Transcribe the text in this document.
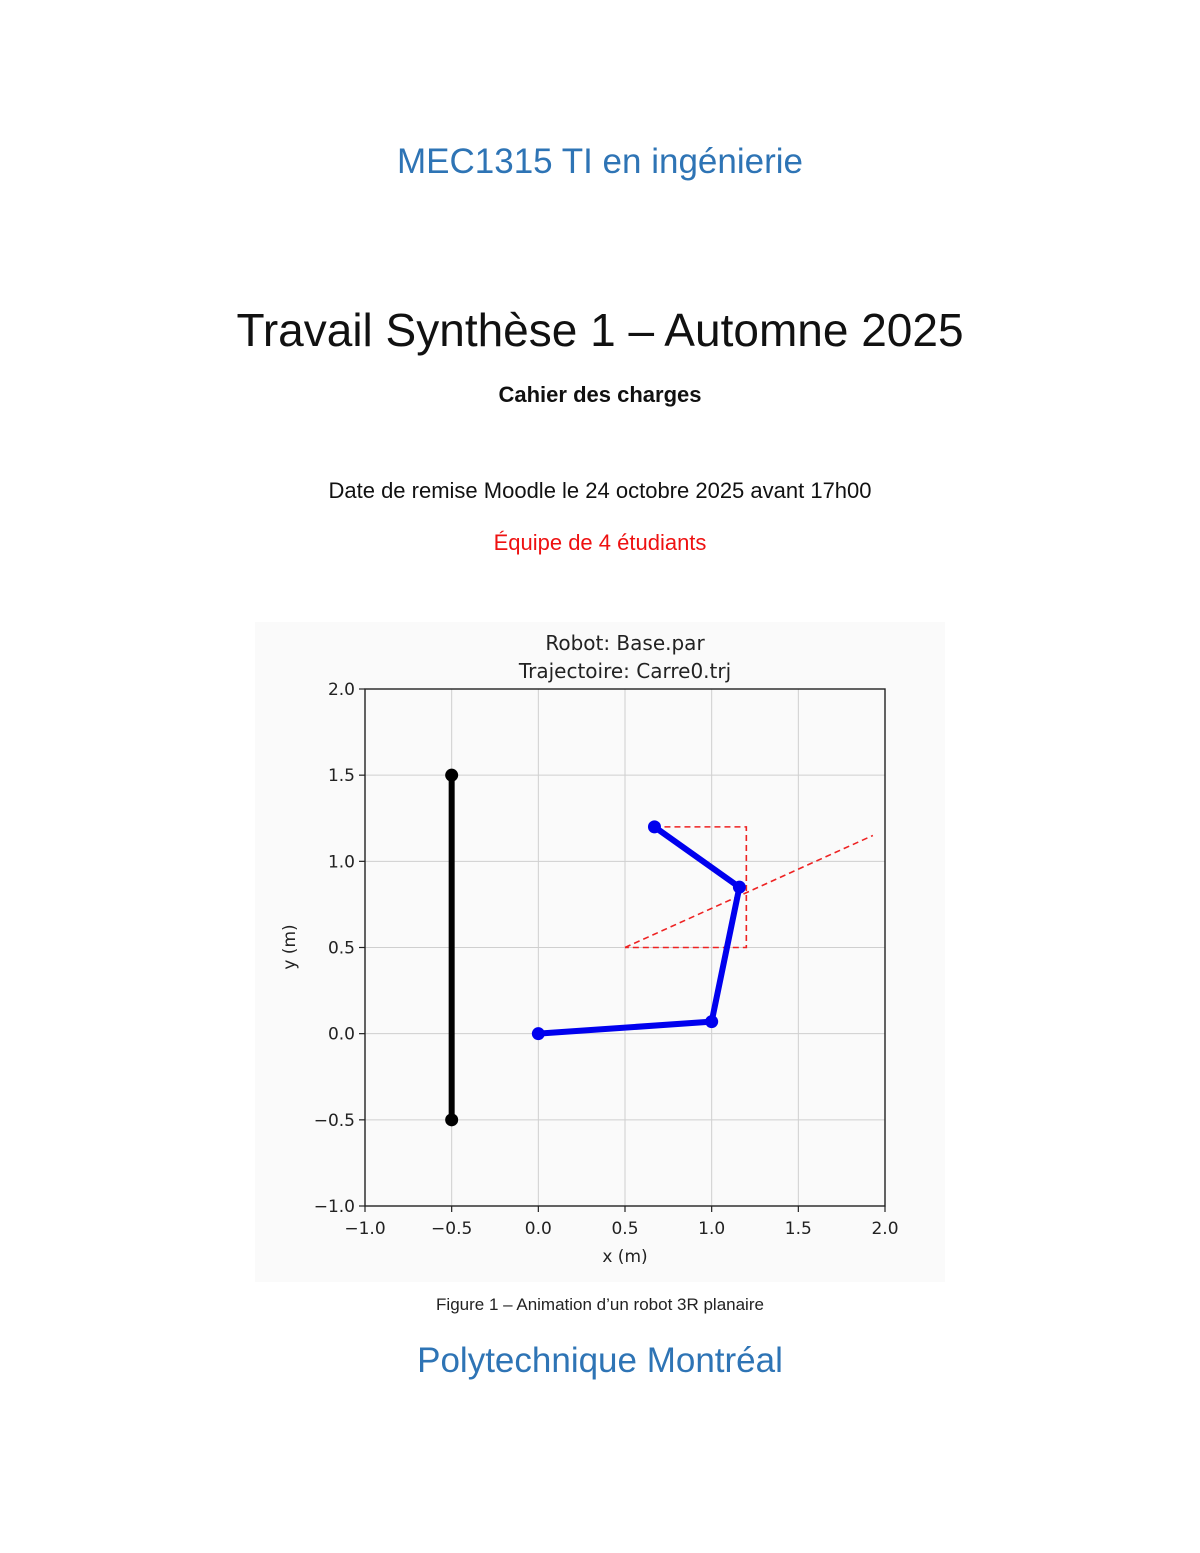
MEC1315 TI en ingénierie

Travail Synthèse 1 – Automne 2025

Cahier des charges

Date de remise Moodle le 24 octobre 2025 avant 17h00

Équipe de 4 étudiants

−1.0	−0.5	0.0	0.5	1.0	1.5	2.0
−1.0
−0.5
0.0
0.5
1.0
1.5
2.0
Robot: Base.par
Trajectoire: Carre0.trj
x (m)
y (m)

Figure 1 – Animation d’un robot 3R planaire

Polytechnique Montréal
